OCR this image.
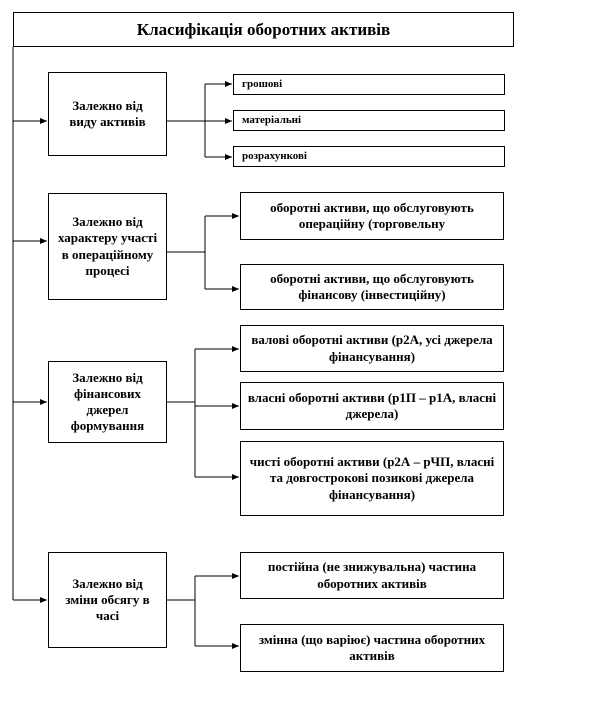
Класифікація оборотних активів
Залежно від виду активів
Залежно від характеру участі в операційному процесі
Залежно від фінансових джерел формування
Залежно від зміни обсягу в часі
грошові
матеріальні
розрахункові
оборотні активи, що обслуговують операційну (торговельну
оборотні активи, що обслуговують фінансову (інвестиційну)
валові оборотні активи (р2А, усі джерела фінансування)
власні оборотні активи (р1П – р1А, власні джерела)
чисті оборотні активи (р2А – рЧП, власні та довгострокові позикові джерела фінансування)
постійна (не знижувальна) частина оборотних активів
змінна (що варіює) частина оборотних активів
